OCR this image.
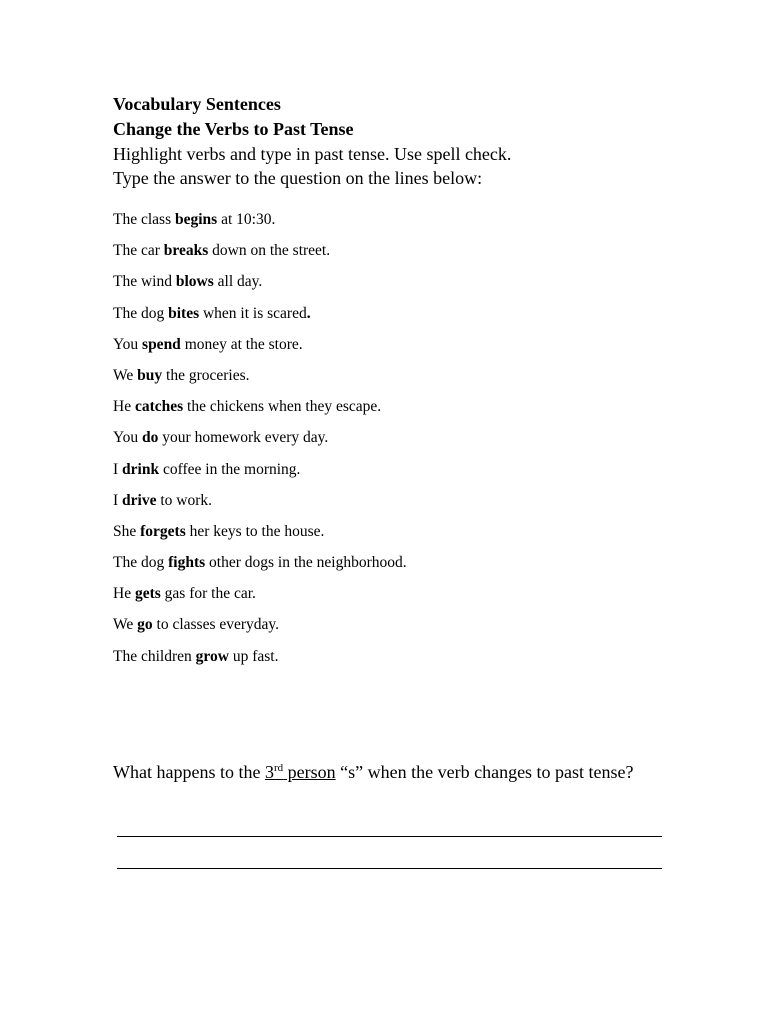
Vocabulary Sentences
Change the Verbs to Past Tense

Highlight verbs and type in past tense. Use spell check.

Type the answer to the question on the lines below:

The class begins at 10:30.
The car breaks down on the street.
The wind blows all day.
The dog bites when it is scared.
You spend money at the store.
We buy the groceries.
He catches the chickens when they escape.
You do your homework every day.
I drink coffee in the morning.
I drive to work.
She forgets her keys to the house.
The dog fights other dogs in the neighborhood.
He gets gas for the car.
We go to classes everyday.
The children grow up fast.

What happens to the 3rd person “s” when the verb changes to past tense?
